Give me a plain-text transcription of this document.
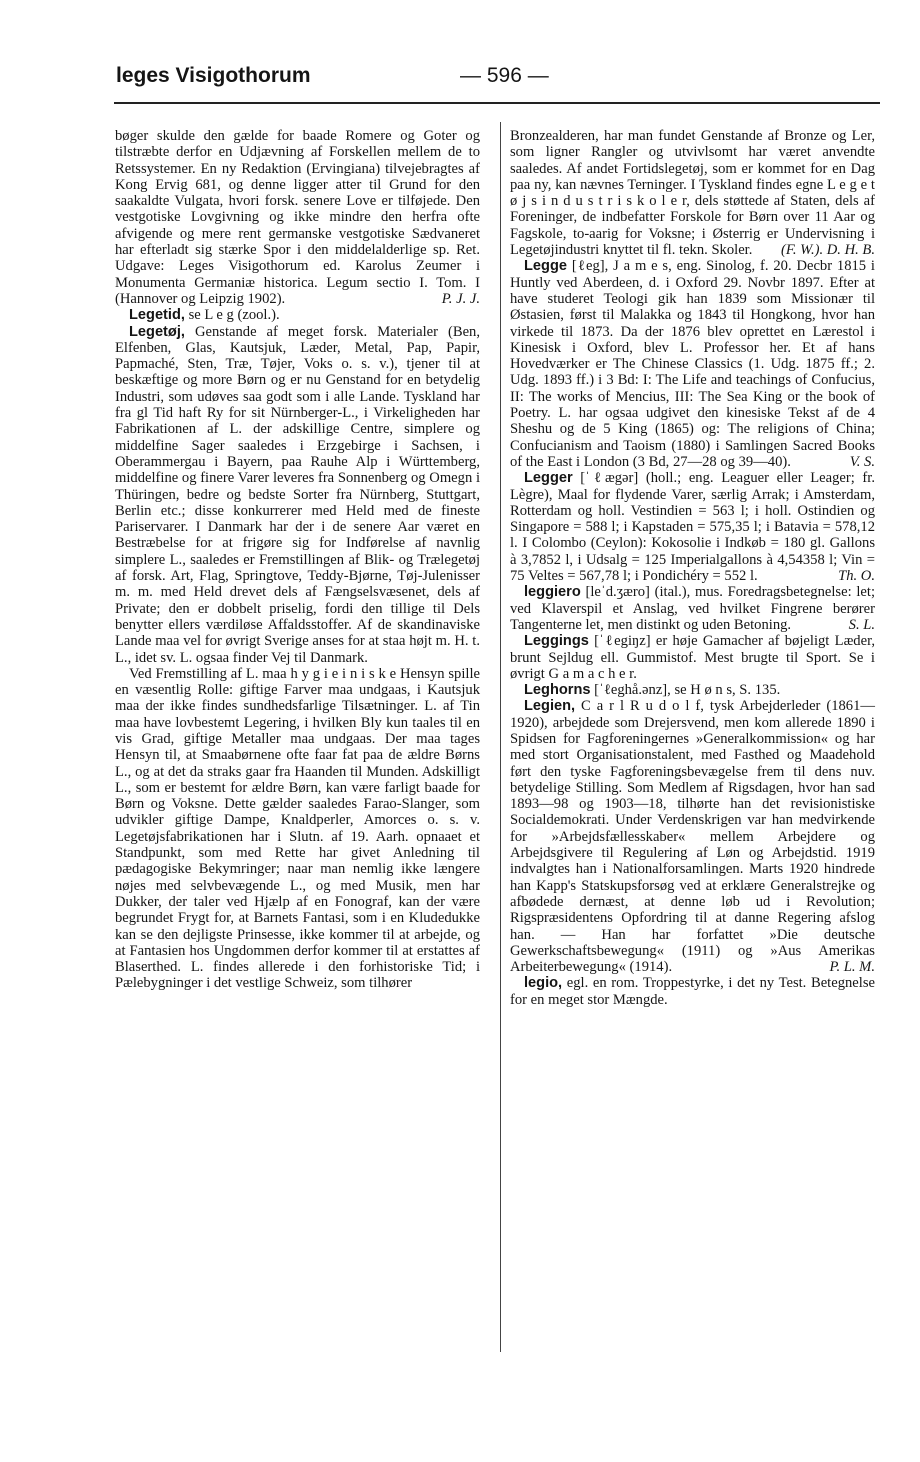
leges Visigothorum	— 596 —

bøger skulde den gælde for baade Romere og Goter og tilstræbte derfor en Udjævning af Forskellen mellem de to Retssystemer. En ny Redaktion (Ervingiana) tilvejebragtes af Kong Ervig 681, og denne ligger atter til Grund for den saakaldte Vulgata, hvori forsk. senere Love er tilføjede. Den vestgotiske Lovgivning og ikke mindre den herfra ofte afvigende og mere rent germanske vestgotiske Sædvaneret har efterladt sig stærke Spor i den middelalderlige sp. Ret. Udgave: Leges Visigothorum ed. Karolus Zeumer i Monumenta Germaniæ historica. Legum sectio I. Tom. I (Hannover og Leipzig 1902).	P. J. J.

Legetid, se L e g (zool.).

Legetøj, Genstande af meget forsk. Materialer (Ben, Elfenben, Glas, Kautsjuk, Læder, Metal, Pap, Papir, Papmaché, Sten, Træ, Tøjer, Voks o. s. v.), tjener til at beskæftige og more Børn og er nu Genstand for en betydelig Industri, som udøves saa godt som i alle Lande. Tyskland har fra gl Tid haft Ry for sit Nürnberger-L., i Virkeligheden har Fabrikationen af L. der adskillige Centre, simplere og middelfine Sager saaledes i Erzgebirge i Sachsen, i Oberammergau i Bayern, paa Rauhe Alp i Württemberg, middelfine og finere Varer leveres fra Sonnenberg og Omegn i Thüringen, bedre og bedste Sorter fra Nürnberg, Stuttgart, Berlin etc.; disse konkurrerer med Held med de fineste Pariservarer. I Danmark har der i de senere Aar været en Bestræbelse for at frigøre sig for Indførelse af navnlig simplere L., saaledes er Fremstillingen af Blik- og Trælegetøj af forsk. Art, Flag, Springtove, Teddy-Bjørne, Tøj-Julenisser m. m. med Held drevet dels af Fængselsvæsenet, dels af Private; den er dobbelt priselig, fordi den tillige til Dels benytter ellers værdiløse Affaldsstoffer. Af de skandinaviske Lande maa vel for øvrigt Sverige anses for at staa højt m. H. t. L., idet sv. L. ogsaa finder Vej til Danmark.

Ved Fremstilling af L. maa h y g i e i n i s k e Hensyn spille en væsentlig Rolle: giftige Farver maa undgaas, i Kautsjuk maa der ikke findes sundhedsfarlige Tilsætninger. L. af Tin maa have lovbestemt Legering, i hvilken Bly kun taales til en vis Grad, giftige Metaller maa undgaas. Der maa tages Hensyn til, at Smaabørnene ofte faar fat paa de ældre Børns L., og at det da straks gaar fra Haanden til Munden. Adskilligt L., som er bestemt for ældre Børn, kan være farligt baade for Børn og Voksne. Dette gælder saaledes Farao-Slanger, som udvikler giftige Dampe, Knaldperler, Amorces o. s. v. Legetøjsfabrikationen har i Slutn. af 19. Aarh. opnaaet et Standpunkt, som med Rette har givet Anledning til pædagogiske Bekymringer; naar man nemlig ikke længere nøjes med selvbevægende L., og med Musik, men har Dukker, der taler ved Hjælp af en Fonograf, kan der være begrundet Frygt for, at Barnets Fantasi, som i en Kludedukke kan se den dejligste Prinsesse, ikke kommer til at arbejde, og at Fantasien hos Ungdommen derfor kommer til at erstattes af Blaserthed. L. findes allerede i den forhistoriske Tid; i Pælebygninger i det vestlige Schweiz, som tilhører

Bronzealderen, har man fundet Genstande af Bronze og Ler, som ligner Rangler og utvivlsomt har været anvendte saaledes. Af andet Fortidslegetøj, som er kommet for en Dag paa ny, kan nævnes Terninger. I Tyskland findes egne L e g e t ø j s i n d u s t r i s k o l e r, dels støttede af Staten, dels af Foreninger, de indbefatter Forskole for Børn over 11 Aar og Fagskole, to-aarig for Voksne; i Østerrig er Undervisning i Legetøjindustri knyttet til fl. tekn. Skoler.	(F. W.). D. H. B.

Legge [ℓeg], J a m e s, eng. Sinolog, f. 20. Decbr 1815 i Huntly ved Aberdeen, d. i Oxford 29. Novbr 1897. Efter at have studeret Teologi gik han 1839 som Missionær til Østasien, først til Malakka og 1843 til Hongkong, hvor han virkede til 1873. Da der 1876 blev oprettet en Lærestol i Kinesisk i Oxford, blev L. Professor her. Et af hans Hovedværker er The Chinese Classics (1. Udg. 1875 ff.; 2. Udg. 1893 ff.) i 3 Bd: I: The Life and teachings of Confucius, II: The works of Mencius, III: The Sea King or the book of Poetry. L. har ogsaa udgivet den kinesiske Tekst af de 4 Sheshu og de 5 King (1865) og: The religions of China; Confucianism and Taoism (1880) i Samlingen Sacred Books of the East i London (3 Bd, 27—28 og 39—40).	V. S.

Legger [ˈℓægər] (holl.; eng. Leaguer eller Leager; fr. Lègre), Maal for flydende Varer, særlig Arrak; i Amsterdam, Rotterdam og holl. Vestindien = 563 l; i holl. Ostindien og Singapore = 588 l; i Kapstaden = 575,35 l; i Batavia = 578,12 l. I Colombo (Ceylon): Kokosolie i Indkøb = 180 gl. Gallons à 3,7852 l, i Udsalg = 125 Imperialgallons à 4,54358 l; Vin = 75 Veltes = 567,78 l; i Pondichéry = 552 l.	Th. O.

leggiero [leˈd.ʒæro] (ital.), mus. Foredragsbetegnelse: let; ved Klaverspil et Anslag, ved hvilket Fingrene berører Tangenterne let, men distinkt og uden Betoning.	S. L.

Leggings [ˈℓegiŋz] er høje Gamacher af bøjeligt Læder, brunt Sejldug ell. Gummistof. Mest brugte til Sport. Se i øvrigt G a m a c h e r.

Leghorns [ˈℓeghå.ənz], se H ø n s, S. 135.

Legien, C a r l R u d o l f, tysk Arbejderleder (1861—1920), arbejdede som Drejersvend, men kom allerede 1890 i Spidsen for Fagforeningernes »Generalkommission« og har med stort Organisationstalent, med Fasthed og Maadehold ført den tyske Fagforeningsbevægelse frem til dens nuv. betydelige Stilling. Som Medlem af Rigsdagen, hvor han sad 1893—98 og 1903—18, tilhørte han det revisionistiske Socialdemokrati. Under Verdenskrigen var han medvirkende for »Arbejdsfællesskaber« mellem Arbejdere og Arbejdsgivere til Regulering af Løn og Arbejdstid. 1919 indvalgtes han i Nationalforsamlingen. Marts 1920 hindrede han Kapp's Statskupsforsøg ved at erklære Generalstrejke og afbødede dernæst, at denne løb ud i Revolution; Rigspræsidentens Opfordring til at danne Regering afslog han. — Han har forfattet »Die deutsche Gewerkschaftsbewegung« (1911) og »Aus Amerikas Arbeiterbewegung« (1914).	P. L. M.

legio, egl. en rom. Troppestyrke, i det ny Test. Betegnelse for en meget stor Mængde.
